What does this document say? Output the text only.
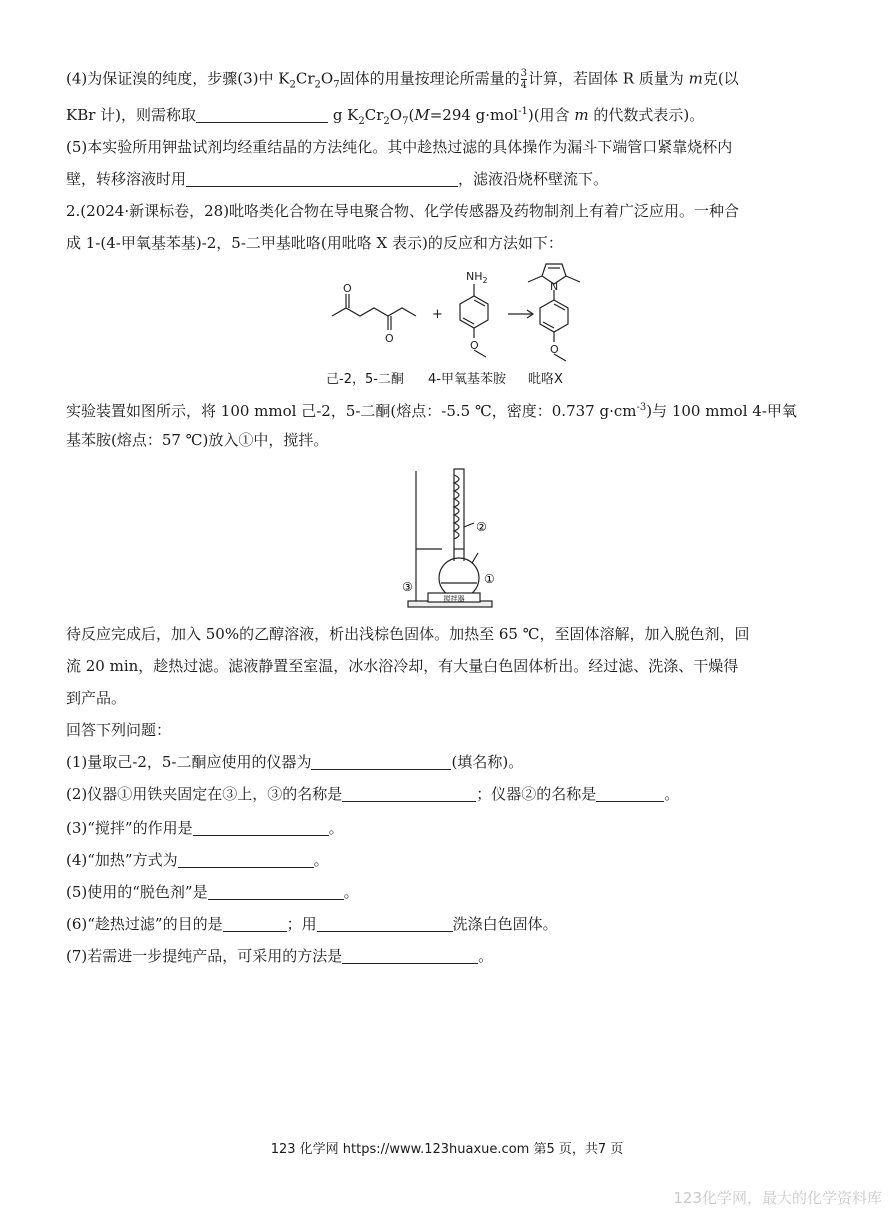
(4)为保证溴的纯度，步骤(3)中 $K_2Cr_2O_7$固体的用量按理论所需量的 $\frac{3}{4}$ 计算，若固体 R 质量为 m克(以
KBr 计)，则需称取	g $K_2Cr_2O_7(M=294$ g·mol$^{-1}$)(用含 m 的代数式表示)。
(5)本实验所用钾盐试剂均经重结晶的方法纯化。其中趁热过滤的具体操作为漏斗下端管口紧靠烧杯内
壁，转移溶液时用	，滤液沿烧杯壁流下。
2.(2024·新课标卷，28)吡咯类化合物在导电聚合物、化学传感器及药物制剂上有着广泛应用。一种合
成 1-(4-甲氧基苯基)-2，5-二甲基吡咯(用吡咯 X 表示)的反应和方法如下：
O
O
+
$NH_2$
O
N
O
己-2，5-二酮 4-甲氧基苯胺 吡咯X
实验装置如图所示，将 100 mmol 己-2，5-二酮(熔点：-5.5 ℃，密度：0.737 $g\cdot cm^{-3}$)与 100 mmol 4-甲氧
基苯胺(熔点：57 ℃)放入①中，搅拌。
搅拌器
②
①
③
待反应完成后，加入 50%的乙醇溶液，析出浅棕色固体。加热至 65 ℃，至固体溶解，加入脱色剂，回
流 20 min，趁热过滤。滤液静置至室温，冰水浴冷却，有大量白色固体析出。经过滤、洗涤、干燥得
到产品。
回答下列问题：
(1)量取己-2，5-二酮应使用的仪器为	(填名称)。
(2)仪器①用铁夹固定在③上，③的名称是	；仪器②的名称是	。
(3)“搅拌”的作用是	。
(4)“加热”方式为	。
(5)使用的“脱色剂”是	。
(6)“趁热过滤”的目的是	；用	洗涤白色固体。
(7)若需进一步提纯产品，可采用的方法是	。
123 化学网 https://www.123huaxue.com 第5 页，共7 页
123化学网，最大的化学资料库
